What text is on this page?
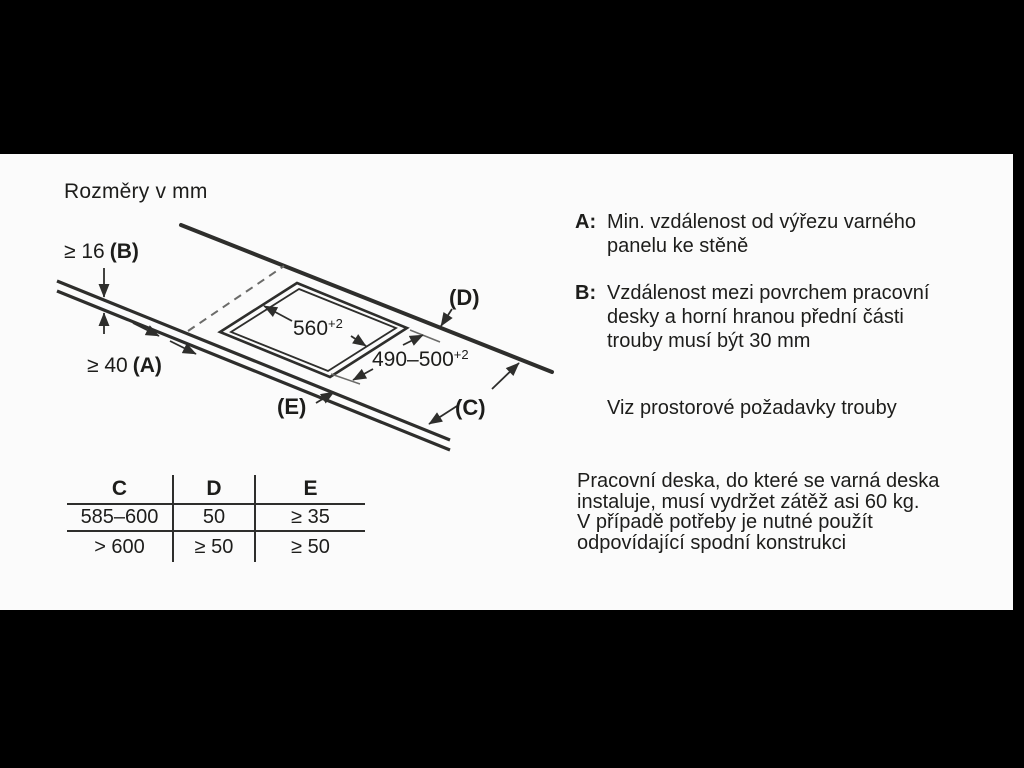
Rozměry v mm
≥ 16 (B)
≥ 40 (A)
$560^{+2}$
$490-500^{+2}$
(D)
(C)
(E)
C	D	E
585–600	50	≥ 35
> 600	≥ 50	≥ 50
A: Min. vzdálenost od výřezu varného
panelu ke stěně
B: Vzdálenost mezi povrchem pracovní
desky a horní hranou přední části
trouby musí být 30 mm
Viz prostorové požadavky trouby
Pracovní deska, do které se varná deska
instaluje, musí vydržet zátěž asi 60 kg.
V případě potřeby je nutné použít
odpovídající spodní konstrukci
